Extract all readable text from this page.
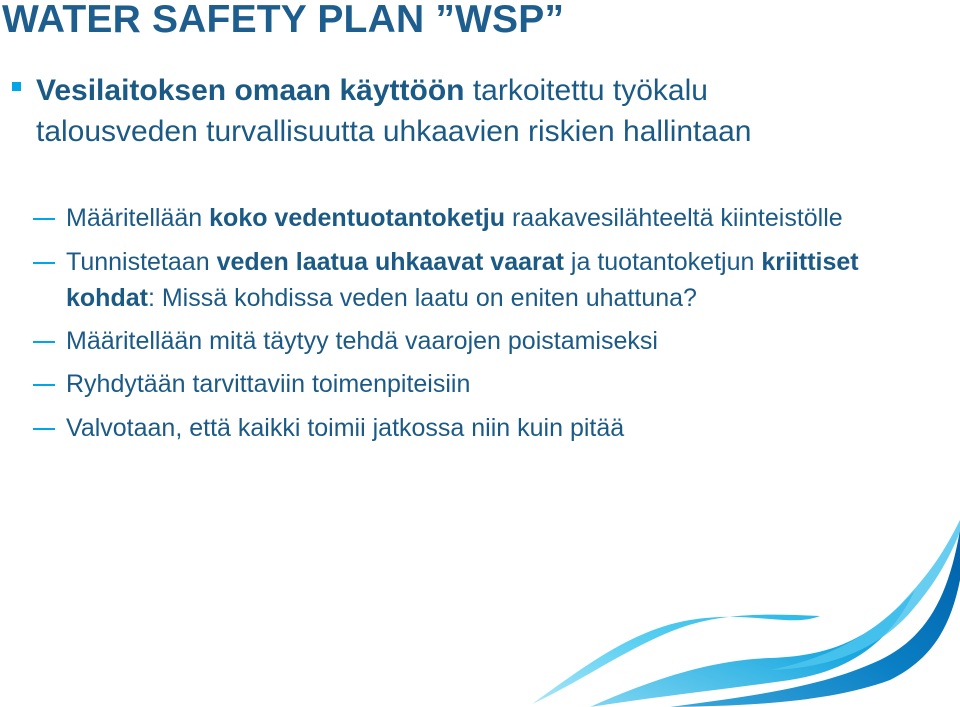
WATER SAFETY PLAN ”WSP”
Vesilaitoksen omaan käyttöön tarkoitettu työkalu talousveden turvallisuutta uhkaavien riskien hallintaan
Määritellään koko vedentuotantoketju raakavesilähteeltä kiinteistölle
Tunnistetaan veden laatua uhkaavat vaarat ja tuotantoketjun kriittiset kohdat: Missä kohdissa veden laatu on eniten uhattuna?
Määritellään mitä täytyy tehdä vaarojen poistamiseksi
Ryhdytään tarvittaviin toimenpiteisiin
Valvotaan, että kaikki toimii jatkossa niin kuin pitää
